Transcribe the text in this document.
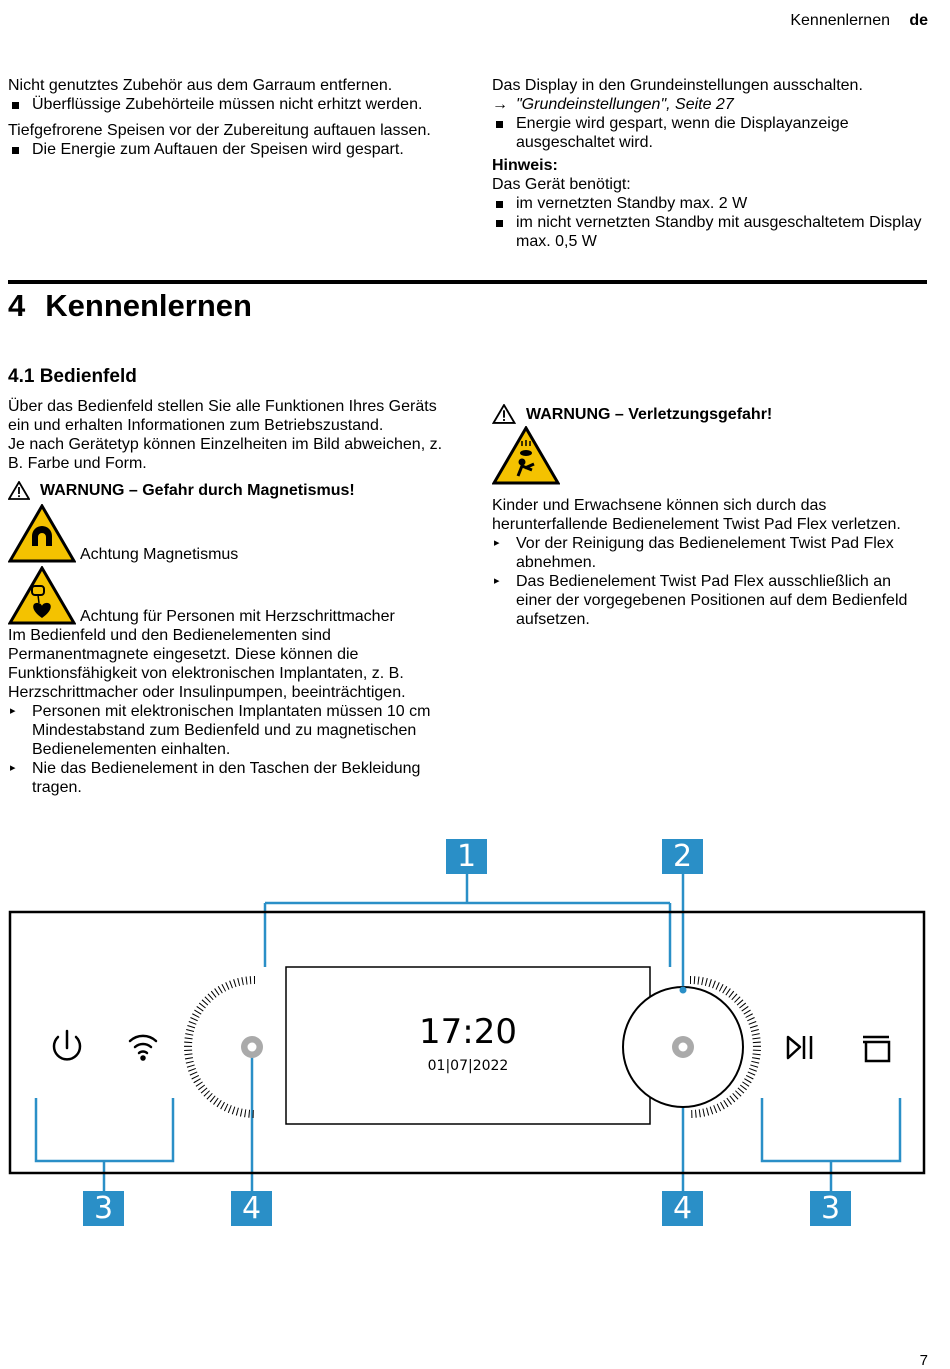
Kennenlernen de

Nicht genutztes Zubehör aus dem Garraum entfernen.

Überflüssige Zubehörteile müssen nicht erhitzt werden.

Tiefgefrorene Speisen vor der Zubereitung auftauen lassen.

Die Energie zum Auftauen der Speisen wird gespart.

Das Display in den Grundeinstellungen ausschalten.

→ "Grundeinstellungen", Seite 27
Energie wird gespart, wenn die Displayanzeige ausgeschaltet wird.

Hinweis:

Das Gerät benötigt:

im vernetzten Standby max. 2 W
im nicht vernetzten Standby mit ausgeschaltetem Display max. 0,5 W
4 Kennenlernen
4.1 Bedienfeld

Über das Bedienfeld stellen Sie alle Funktionen Ihres Geräts ein und erhalten Informationen zum Betriebszustand.

Je nach Gerätetyp können Einzelheiten im Bild abweichen, z. B. Farbe und Form.

WARNUNG – Gefahr durch Magnetismus!
Achtung Magnetismus
Achtung für Personen mit Herzschrittmacher

Im Bedienfeld und den Bedienelementen sind Permanentmagnete eingesetzt. Diese können die Funktionsfähigkeit von elektronischen Implantaten, z. B. Herzschrittmacher oder Insulinpumpen, beeinträchtigen.

▸ Personen mit elektronischen Implantaten müssen 10 cm Mindestabstand zum Bedienfeld und zu magnetischen Bedienelementen einhalten.
▸ Nie das Bedienelement in den Taschen der Bekleidung tragen.
WARNUNG – Verletzungsgefahr!

Kinder und Erwachsene können sich durch das herunterfallende Bedienelement Twist Pad Flex verletzen.

▸ Vor der Reinigung das Bedienelement Twist Pad Flex abnehmen.
▸ Das Bedienelement Twist Pad Flex ausschließlich an einer der vorgegebenen Positionen auf dem Bedienfeld aufsetzen.
17:20
01|07|2022
1	2
3	4	4	3
7
